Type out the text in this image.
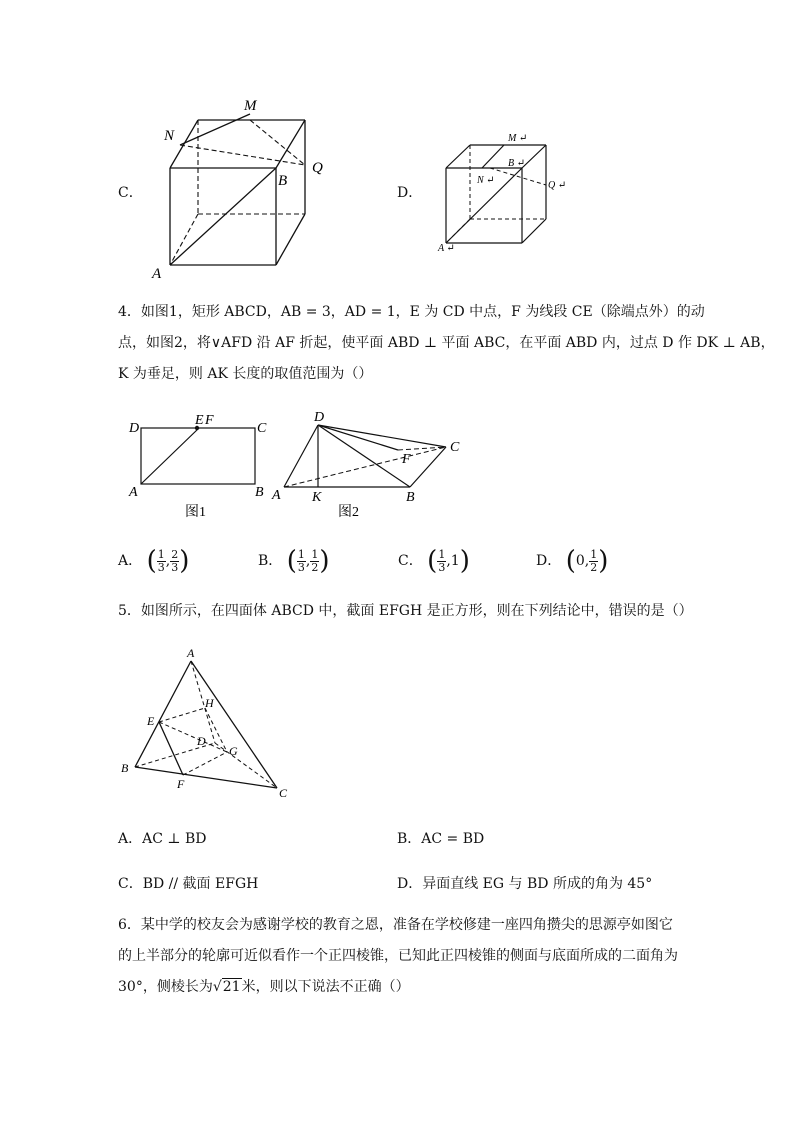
C．
M
N
Q
B
A
D．
M ↵
B ↵
N ↵	Q ↵
A ↵
4．如图1，矩形 ABCD，AB = 3，AD = 1，E 为 CD 中点，F 为线段 CE（除端点外）的动
点，如图2，将∨AFD 沿 AF 折起，使平面 ABD ⊥ 平面 ABC，在平面 ABD 内，过点 D 作 DK ⊥ AB，
K 为垂足，则 AK 长度的取值范围为（）
D
E F
C
A	B
图1
D
C
F
A K	B
图2
A． ( $\frac{1}{3}$ , $\frac{2}{3}$ )	B． ( $\frac{1}{3}$ , $\frac{1}{2}$ )	C． ( $\frac{1}{3} ,1$)	D． (0, $\frac{1}{2}$ )
5．如图所示，在四面体 ABCD 中，截面 EFGH 是正方形，则在下列结论中，错误的是（）
A
E
H
D
G
B
F
C
A．AC ⊥ BD	B．AC = BD
C．BD // 截面 EFGH	D．异面直线 EG 与 BD 所成的角为 45°
6．某中学的校友会为感谢学校的教育之恩，准备在学校修建一座四角攒尖的思源亭如图它
的上半部分的轮廓可近似看作一个正四棱锥，已知此正四棱锥的侧面与底面所成的二面角为
30°，侧棱长为√21米，则以下说法不正确（）
